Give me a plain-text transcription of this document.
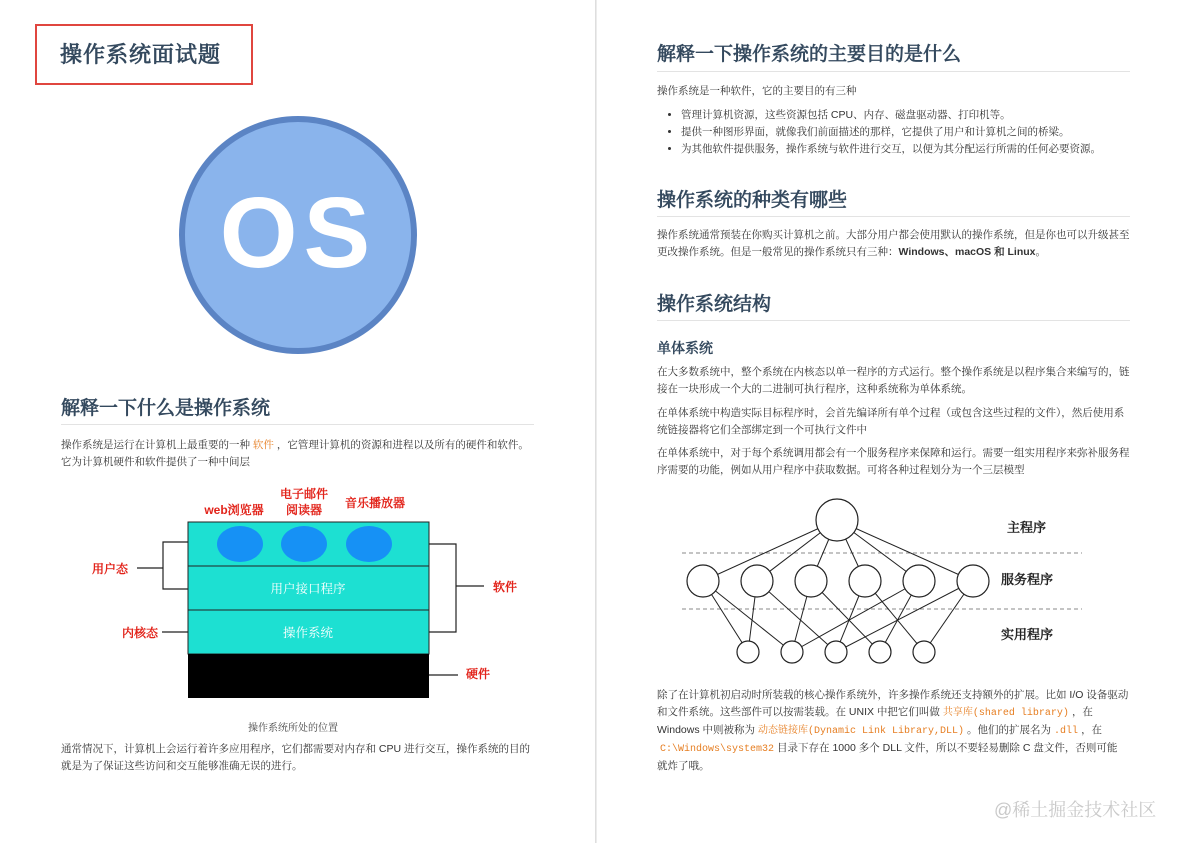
操作系统面试题
OS
解释一下什么是操作系统

操作系统是运行在计算机上最重要的一种 软件 ，它管理计算机的资源和进程以及所有的硬件和软件。
它为计算机硬件和软件提供了一种中间层

web浏览器
电子邮件
阅读器 音乐播放器
用户接口程序
操作系统
用户态
内核态
软件
硬件
操作系统所处的位置

通常情况下，计算机上会运行着许多应用程序，它们都需要对内存和 CPU 进行交互，操作系统的目的
就是为了保证这些访问和交互能够准确无误的进行。

解释一下操作系统的主要目的是什么

操作系统是一种软件，它的主要目的有三种

• 管理计算机资源，这些资源包括 CPU、内存、磁盘驱动器、打印机等。
• 提供一种图形界面，就像我们前面描述的那样，它提供了用户和计算机之间的桥梁。
• 为其他软件提供服务，操作系统与软件进行交互，以便为其分配运行所需的任何必要资源。
操作系统的种类有哪些

操作系统通常预装在你购买计算机之前。大部分用户都会使用默认的操作系统，但是你也可以升级甚至
更改操作系统。但是一般常见的操作系统只有三种：Windows、macOS 和 Linux。

操作系统结构
单体系统

在大多数系统中，整个系统在内核态以单一程序的方式运行。整个操作系统是以程序集合来编写的，链
接在一块形成一个大的二进制可执行程序，这种系统称为单体系统。

在单体系统中构造实际目标程序时，会首先编译所有单个过程（或包含这些过程的文件），然后使用系
统链接器将它们全部绑定到一个可执行文件中

在单体系统中，对于每个系统调用都会有一个服务程序来保障和运行。需要一组实用程序来弥补服务程
序需要的功能，例如从用户程序中获取数据。可将各种过程划分为一个三层模型

主程序
服务程序
实用程序

除了在计算机初启动时所装载的核心操作系统外，许多操作系统还支持额外的扩展。比如 I/O 设备驱动
和文件系统。这些部件可以按需装载。在 UNIX 中把它们叫做 共享库(shared library) ，在
Windows 中则被称为 动态链接库(Dynamic Link Library,DLL) 。他们的扩展名为 .dll ，在
C:\Windows\system32 目录下存在 1000 多个 DLL 文件，所以不要轻易删除 C 盘文件，否则可能
就炸了哦。

@稀土掘金技术社区
